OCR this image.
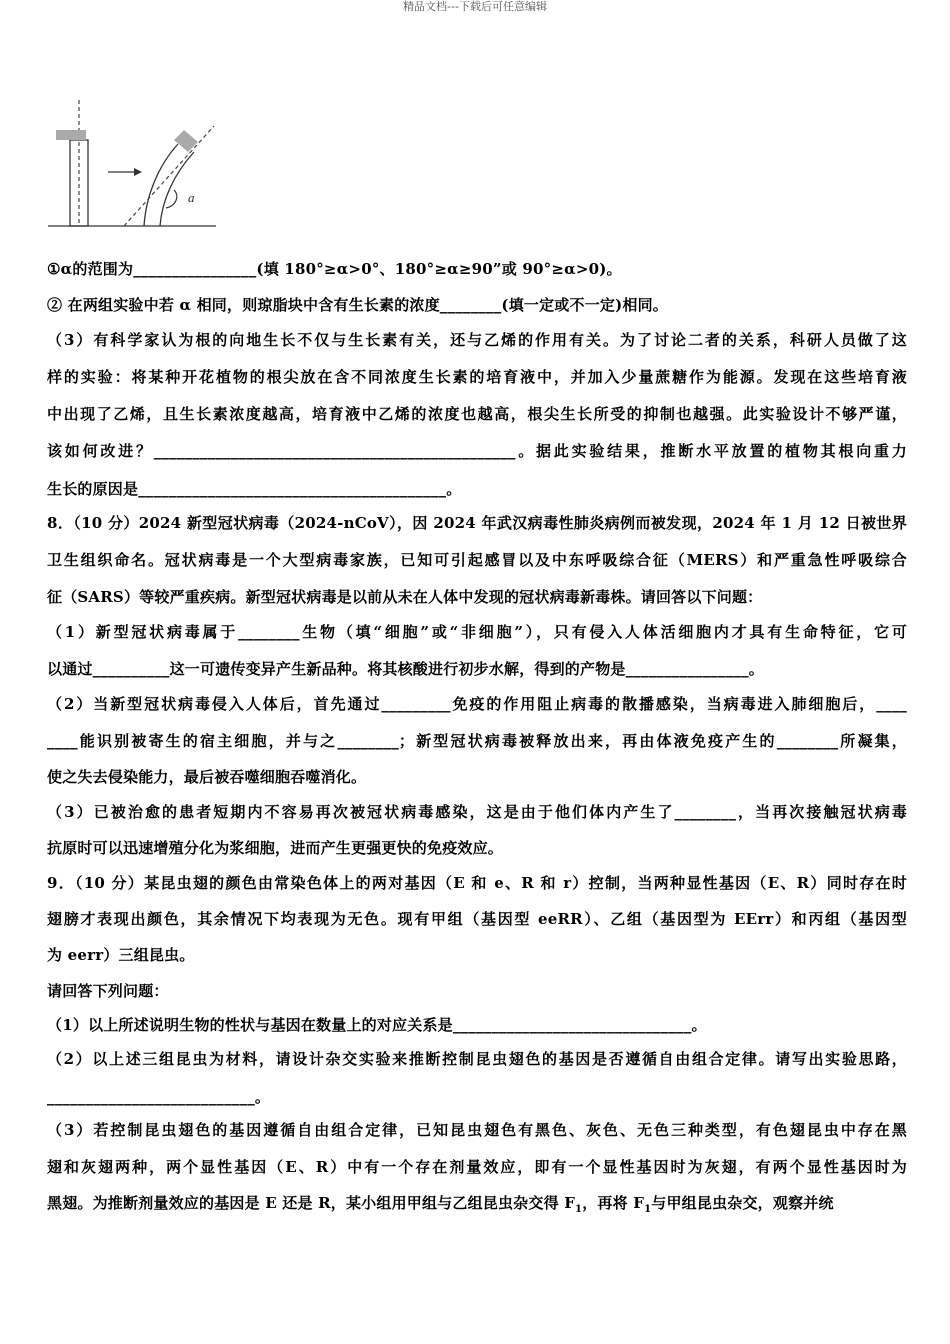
精品文档---下载后可任意编辑
a
①α的范围为________________(填 180°≥α>0°、180°≥α≥90”或 90°≥α>0)。
② 在两组实验中若 α 相同，则琼脂块中含有生长素的浓度________(填一定或不一定)相同。
（3）有科学家认为根的向地生长不仅与生长素有关，还与乙烯的作用有关。为了讨论二者的关系，科研人员做了这
样的实验：将某种开花植物的根尖放在含不同浓度生长素的培育液中，并加入少量蔗糖作为能源。发现在这些培育液
中出现了乙烯，且生长素浓度越高，培育液中乙烯的浓度也越高，根尖生长所受的抑制也越强。此实验设计不够严谨，
该如何改进？_______________________________________________。据此实验结果，推断水平放置的植物其根向重力
生长的原因是________________________________________。
8．（10 分）2024 新型冠状病毒（2024-nCoV），因 2024 年武汉病毒性肺炎病例而被发现，2024 年 1 月 12 日被世界
卫生组织命名。冠状病毒是一个大型病毒家族，已知可引起感冒以及中东呼吸综合征（MERS）和严重急性呼吸综合
征（SARS）等较严重疾病。新型冠状病毒是以前从未在人体中发现的冠状病毒新毒株。请回答以下问题：
（1）新型冠状病毒属于________生物（填“细胞”或“非细胞”），只有侵入人体活细胞内才具有生命特征，它可
以通过__________这一可遗传变异产生新品种。将其核酸进行初步水解，得到的产物是________________。
（2）当新型冠状病毒侵入人体后，首先通过_________免疫的作用阻止病毒的散播感染，当病毒进入肺细胞后，____
____能识别被寄生的宿主细胞，并与之________；新型冠状病毒被释放出来，再由体液免疫产生的________所凝集，
使之失去侵染能力，最后被吞噬细胞吞噬消化。
（3）已被治愈的患者短期内不容易再次被冠状病毒感染，这是由于他们体内产生了________，当再次接触冠状病毒
抗原时可以迅速增殖分化为浆细胞，进而产生更强更快的免疫效应。
9．（10 分）某昆虫翅的颜色由常染色体上的两对基因（E 和 e、R 和 r）控制，当两种显性基因（E、R）同时存在时
翅膀才表现出颜色，其余情况下均表现为无色。现有甲组（基因型 eeRR）、乙组（基因型为 EErr）和丙组（基因型
为 eerr）三组昆虫。
请回答下列问题：
（1）以上所述说明生物的性状与基因在数量上的对应关系是_______________________________。
（2）以上述三组昆虫为材料，请设计杂交实验来推断控制昆虫翅色的基因是否遵循自由组合定律。请写出实验思路，
___________________________。
（3）若控制昆虫翅色的基因遵循自由组合定律，已知昆虫翅色有黑色、灰色、无色三种类型，有色翅昆虫中存在黑
翅和灰翅两种，两个显性基因（E、R）中有一个存在剂量效应，即有一个显性基因时为灰翅，有两个显性基因时为
黑翅。为推断剂量效应的基因是 E 还是 R，某小组用甲组与乙组昆虫杂交得 $F_1$，再将 $F_1$与甲组昆虫杂交，观察并统
